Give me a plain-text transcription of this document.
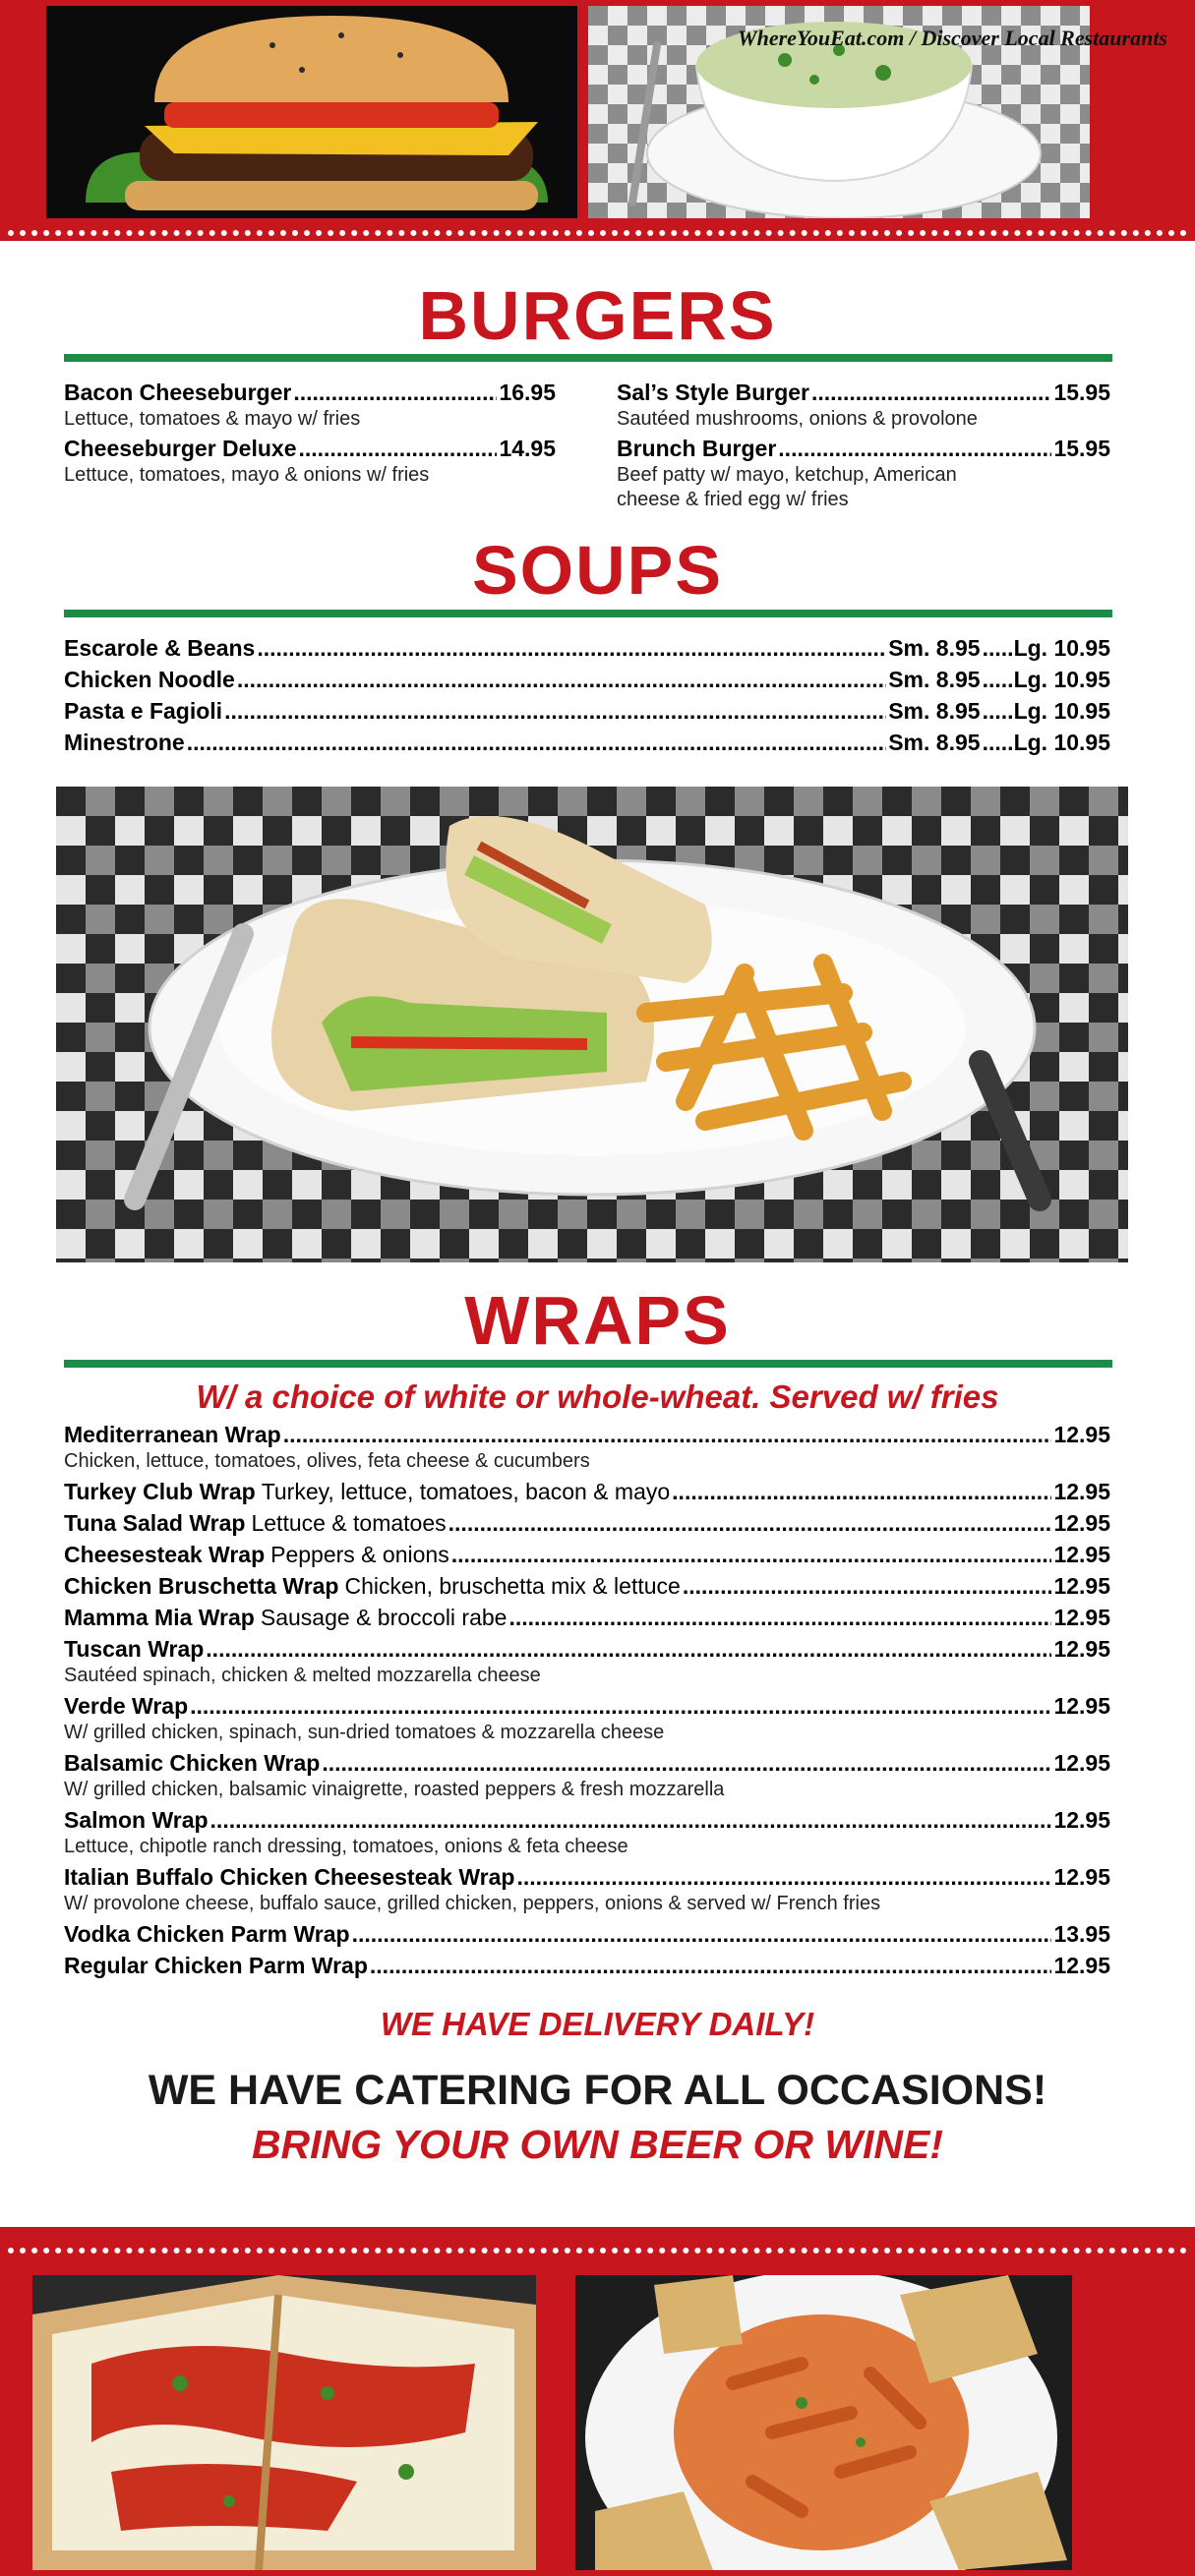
WhereYouEat.com / Discover Local Restaurants
BURGERS
Bacon Cheeseburger .....	16.95
Lettuce, tomatoes & mayo w/ fries
Cheeseburger Deluxe .....	14.95
Lettuce, tomatoes, mayo & onions w/ fries
Sal’s Style Burger .....	15.95
Sautéed mushrooms, onions & provolone
Brunch Burger .....	15.95
Beef patty w/ mayo, ketchup, American cheese & fried egg w/ fries
SOUPS
Escarole & Beans .....	Sm. 8.95 ..... Lg. 10.95
Chicken Noodle .....	Sm. 8.95 ..... Lg. 10.95
Pasta e Fagioli .....	Sm. 8.95 ..... Lg. 10.95
Minestrone .....	Sm. 8.95 ..... Lg. 10.95
WRAPS
W/ a choice of white or whole-wheat. Served w/ fries
Mediterranean Wrap .....	12.95
Chicken, lettuce, tomatoes, olives, feta cheese & cucumbers
Turkey Club Wrap Turkey, lettuce, tomatoes, bacon & mayo .....	12.95
Tuna Salad Wrap Lettuce & tomatoes .....	12.95
Cheesesteak Wrap Peppers & onions .....	12.95
Chicken Bruschetta Wrap Chicken, bruschetta mix & lettuce .....	12.95
Mamma Mia Wrap Sausage & broccoli rabe .....	12.95
Tuscan Wrap .....	12.95
Sautéed spinach, chicken & melted mozzarella cheese
Verde Wrap .....	12.95
W/ grilled chicken, spinach, sun-dried tomatoes & mozzarella cheese
Balsamic Chicken Wrap .....	12.95
W/ grilled chicken, balsamic vinaigrette, roasted peppers & fresh mozzarella
Salmon Wrap .....	12.95
Lettuce, chipotle ranch dressing, tomatoes, onions & feta cheese
Italian Buffalo Chicken Cheesesteak Wrap .....	12.95
W/ provolone cheese, buffalo sauce, grilled chicken, peppers, onions & served w/ French fries
Vodka Chicken Parm Wrap .....	13.95
Regular Chicken Parm Wrap .....	12.95
WE HAVE DELIVERY DAILY!
WE HAVE CATERING FOR ALL OCCASIONS!
BRING YOUR OWN BEER OR WINE!
